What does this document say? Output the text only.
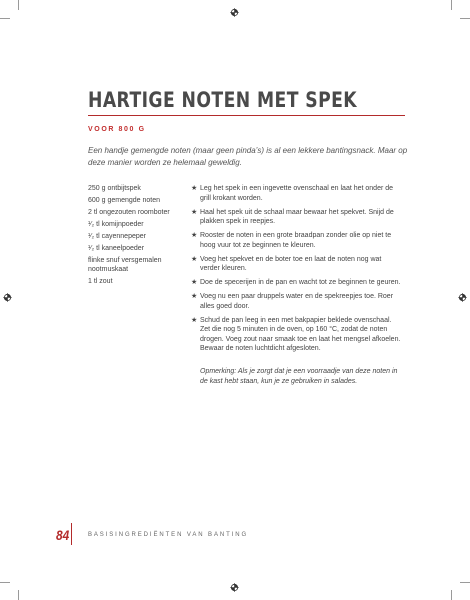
HARTIGE NOTEN MET SPEK
VOOR 800 G
Een handje gemengde noten (maar geen pinda’s) is al een lekkere bantingsnack. Maar op deze manier worden ze helemaal geweldig.
250 g ontbijtspek
600 g gemengde noten
2 tl ongezouten roomboter
¹⁄₂ tl komijnpoeder
¹⁄₂ tl cayennepeper
¹⁄₂ tl kaneelpoeder
flinke snuf versgemalen nootmuskaat
1 tl zout
★ Leg het spek in een ingevette ovenschaal en laat het onder de grill krokant worden.
★ Haal het spek uit de schaal maar bewaar het spekvet. Snijd de plakken spek in reepjes.
★ Rooster de noten in een grote braadpan zonder olie op niet te hoog vuur tot ze beginnen te kleuren.
★ Voeg het spekvet en de boter toe en laat de noten nog wat verder kleuren.
★ Doe de specerijen in de pan en wacht tot ze beginnen te geuren.
★ Voeg nu een paar druppels water en de spekreepjes toe. Roer alles goed door.
★ Schud de pan leeg in een met bakpapier beklede ovenschaal. Zet die nog 5 minuten in de oven, op 160 °C, zodat de noten drogen. Voeg zout naar smaak toe en laat het mengsel afkoelen. Bewaar de noten luchtdicht afgesloten.

Opmerking: Als je zorgt dat je een voorraadje van deze noten in de kast hebt staan, kun je ze gebruiken in salades.

84	BASISINGREDIËNTEN VAN BANTING
